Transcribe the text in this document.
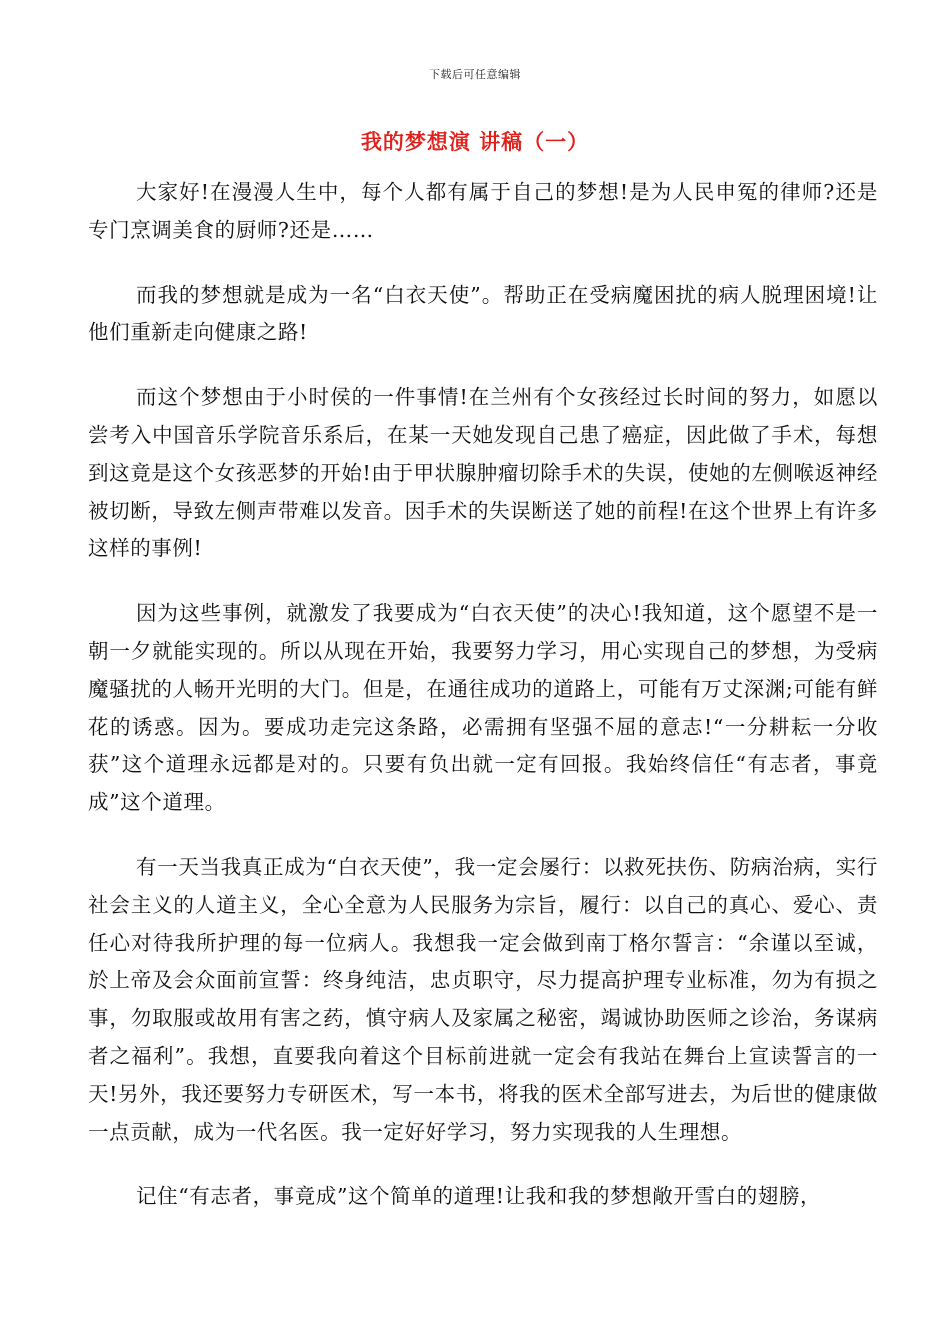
下载后可任意编辑
我的梦想演 讲稿（一）

大家好!在漫漫人生中，每个人都有属于自己的梦想!是为人民申冤的律师?还是专门烹调美食的厨师?还是……

而我的梦想就是成为一名“白衣天使”。帮助正在受病魔困扰的病人脱理困境!让他们重新走向健康之路!

而这个梦想由于小时侯的一件事情!在兰州有个女孩经过长时间的努力，如愿以尝考入中国音乐学院音乐系后，在某一天她发现自己患了癌症，因此做了手术，每想到这竟是这个女孩恶梦的开始!由于甲状腺肿瘤切除手术的失误，使她的左侧喉返神经被切断，导致左侧声带难以发音。因手术的失误断送了她的前程!在这个世界上有许多这样的事例!

因为这些事例，就激发了我要成为“白衣天使”的决心!我知道，这个愿望不是一朝一夕就能实现的。所以从现在开始，我要努力学习，用心实现自己的梦想，为受病魔骚扰的人畅开光明的大门。但是，在通往成功的道路上，可能有万丈深渊;可能有鲜花的诱惑。因为。要成功走完这条路，必需拥有坚强不屈的意志!“一分耕耘一分收获”这个道理永远都是对的。只要有负出就一定有回报。我始终信任“有志者，事竟成”这个道理。

有一天当我真正成为“白衣天使”，我一定会屡行：以救死扶伤、防病治病，实行社会主义的人道主义，全心全意为人民服务为宗旨，履行：以自己的真心、爱心、责任心对待我所护理的每一位病人。我想我一定会做到南丁格尔誓言：“余谨以至诚，於上帝及会众面前宣誓：终身纯洁，忠贞职守，尽力提高护理专业标准，勿为有损之事，勿取服或故用有害之药，慎守病人及家属之秘密，竭诚协助医师之诊治，务谋病者之福利”。我想，直要我向着这个目标前进就一定会有我站在舞台上宣读誓言的一天!另外，我还要努力专研医术，写一本书，将我的医术全部写进去，为后世的健康做一点贡献，成为一代名医。我一定好好学习，努力实现我的人生理想。

记住“有志者，事竟成”这个简单的道理!让我和我的梦想敞开雪白的翅膀，
